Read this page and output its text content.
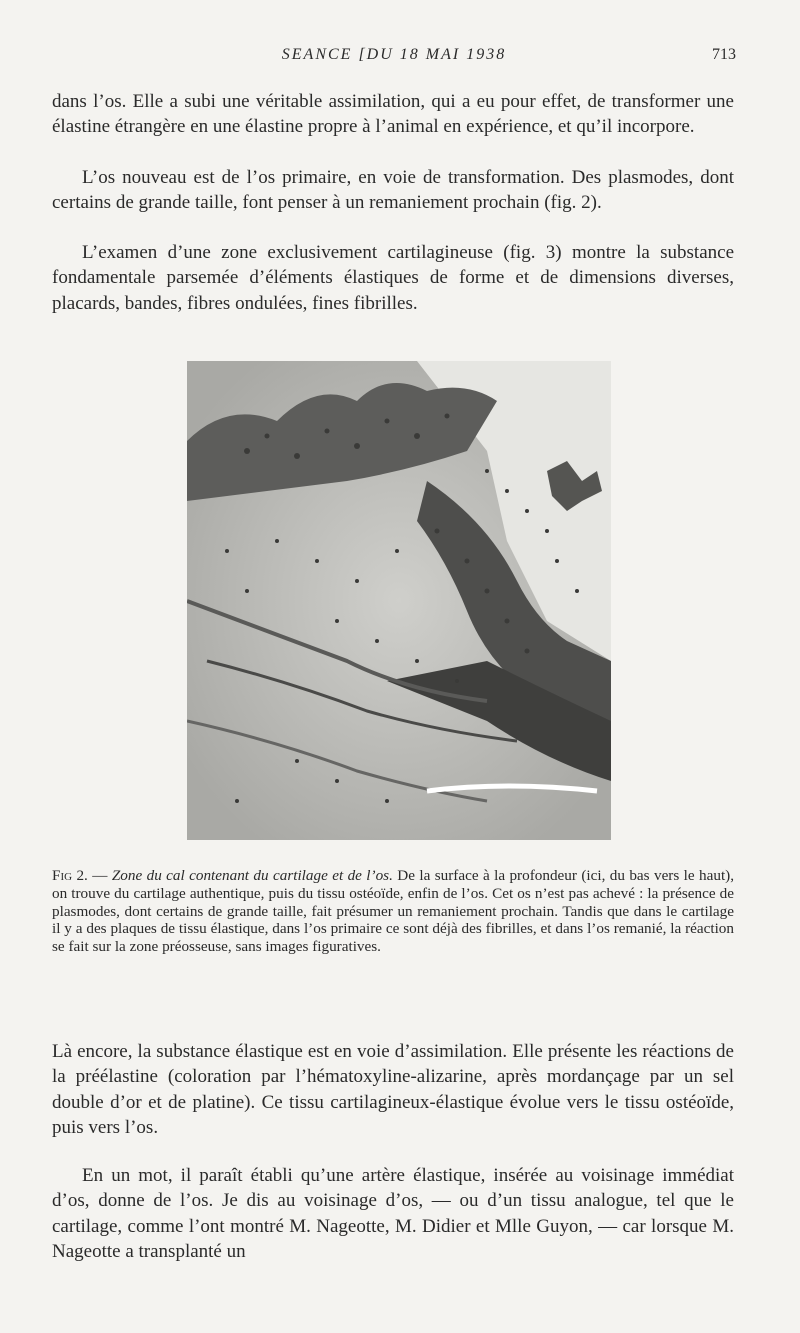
SEANCE [DU 18 MAI 1938	713

dans l’os. Elle a subi une véritable assimilation, qui a eu pour effet, de transformer une élastine étrangère en une élastine propre à l’animal en expérience, et qu’il incorpore.

L’os nouveau est de l’os primaire, en voie de transformation. Des plasmodes, dont certains de grande taille, font penser à un remaniement prochain (fig. 2).

L’examen d’une zone exclusivement cartilagineuse (fig. 3) montre la substance fondamentale parsemée d’éléments élastiques de forme et de dimensions diverses, placards, bandes, fibres ondulées, fines fibrilles.

Fig 2. — Zone du cal contenant du cartilage et de l’os. De la surface à la profondeur (ici, du bas vers le haut), on trouve du cartilage authentique, puis du tissu ostéoïde, enfin de l’os. Cet os n’est pas achevé : la présence de plasmodes, dont certains de grande taille, fait présumer un remaniement prochain. Tandis que dans le cartilage il y a des plaques de tissu élastique, dans l’os primaire ce sont déjà des fibrilles, et dans l’os remanié, la réaction se fait sur la zone préosseuse, sans images figuratives.

Là encore, la substance élastique est en voie d’assimilation. Elle présente les réactions de la préélastine (coloration par l’hématoxyline-alizarine, après mordançage par un sel double d’or et de platine). Ce tissu cartilagineux-élastique évolue vers le tissu ostéoïde, puis vers l’os.

En un mot, il paraît établi qu’une artère élastique, insérée au voisinage immédiat d’os, donne de l’os. Je dis au voisinage d’os, — ou d’un tissu analogue, tel que le cartilage, comme l’ont montré M. Nageotte, M. Didier et Mlle Guyon, — car lorsque M. Nageotte a transplanté un
